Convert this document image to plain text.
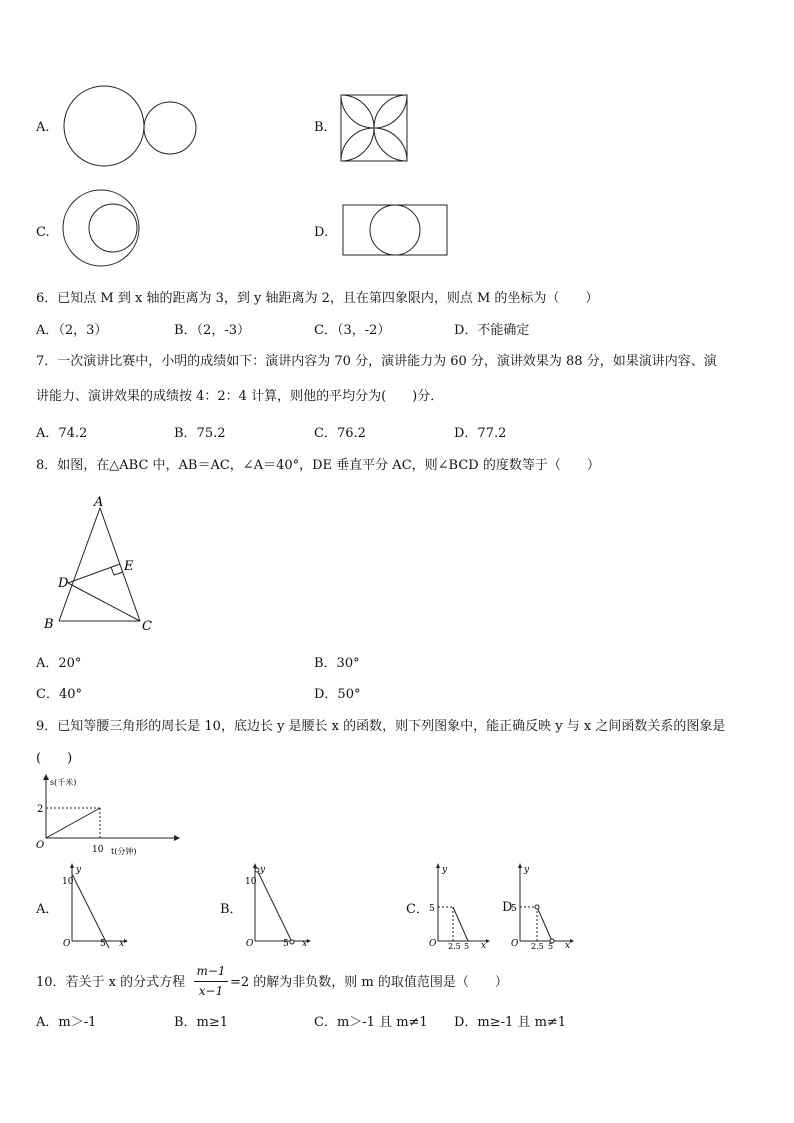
A.	B.
C.	D.
6．已知点 M 到 x 轴的距离为 3，到 y 轴距离为 2，且在第四象限内，则点 M 的坐标为（　　）
A．（2，3）	B．（2，-3）	C．（3，-2）	D．不能确定
7．一次演讲比赛中，小明的成绩如下：演讲内容为 70 分，演讲能力为 60 分，演讲效果为 88 分，如果演讲内容、演
讲能力、演讲效果的成绩按 4：2：4 计算，则他的平均分为(　　)分．
A．74.2	B．75.2	C．76.2	D．77.2
8．如图，在△ABC 中，AB＝AC，∠A＝40°，DE 垂直平分 AC，则∠BCD 的度数等于（　　）
A
B	C
D
E
A．20°	B．30°
C．40°	D．50°
9．已知等腰三角形的周长是 10，底边长 y 是腰长 x 的函数，则下列图象中，能正确反映 y 与 x 之间函数关系的图象是
(　　)
s(千米)
t(分钟)
O
2
10
A．
y
x
10
5
O
B．
y
x
10
5
O
C．
y
x
5
2.5 5
O
D
y
x
5
2.5 5
O
10．若关于 x 的分式方程
m−1
x−1
=2 的解为非负数，则 m 的取值范围是（　　）
A．m＞-1	B．m≥1	C．m＞-1 且 m≠1 D．m≥-1 且 m≠1
